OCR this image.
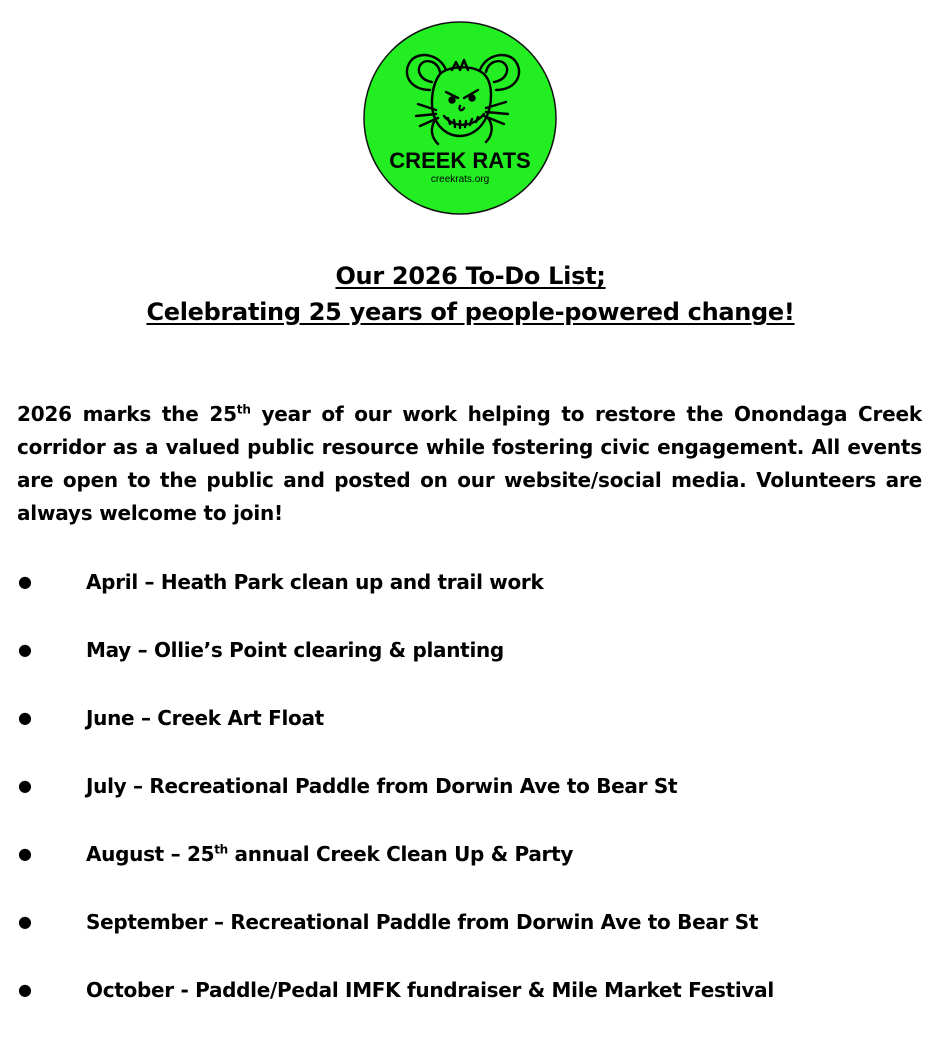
CREEK RATS
creekrats.org
Our 2026 To-Do List;
Celebrating 25 years of people-powered change!

2026 marks the 25th year of our work helping to restore the Onondaga Creek corridor as a valued public resource while fostering civic engagement. All events are open to the public and posted on our website/social media. Volunteers are always welcome to join!

●	April – Heath Park clean up and trail work
●	May – Ollie’s Point clearing & planting
●	June – Creek Art Float
●	July – Recreational Paddle from Dorwin Ave to Bear St
●	August – 25th annual Creek Clean Up & Party
●	September – Recreational Paddle from Dorwin Ave to Bear St
●	October - Paddle/Pedal IMFK fundraiser & Mile Market Festival
